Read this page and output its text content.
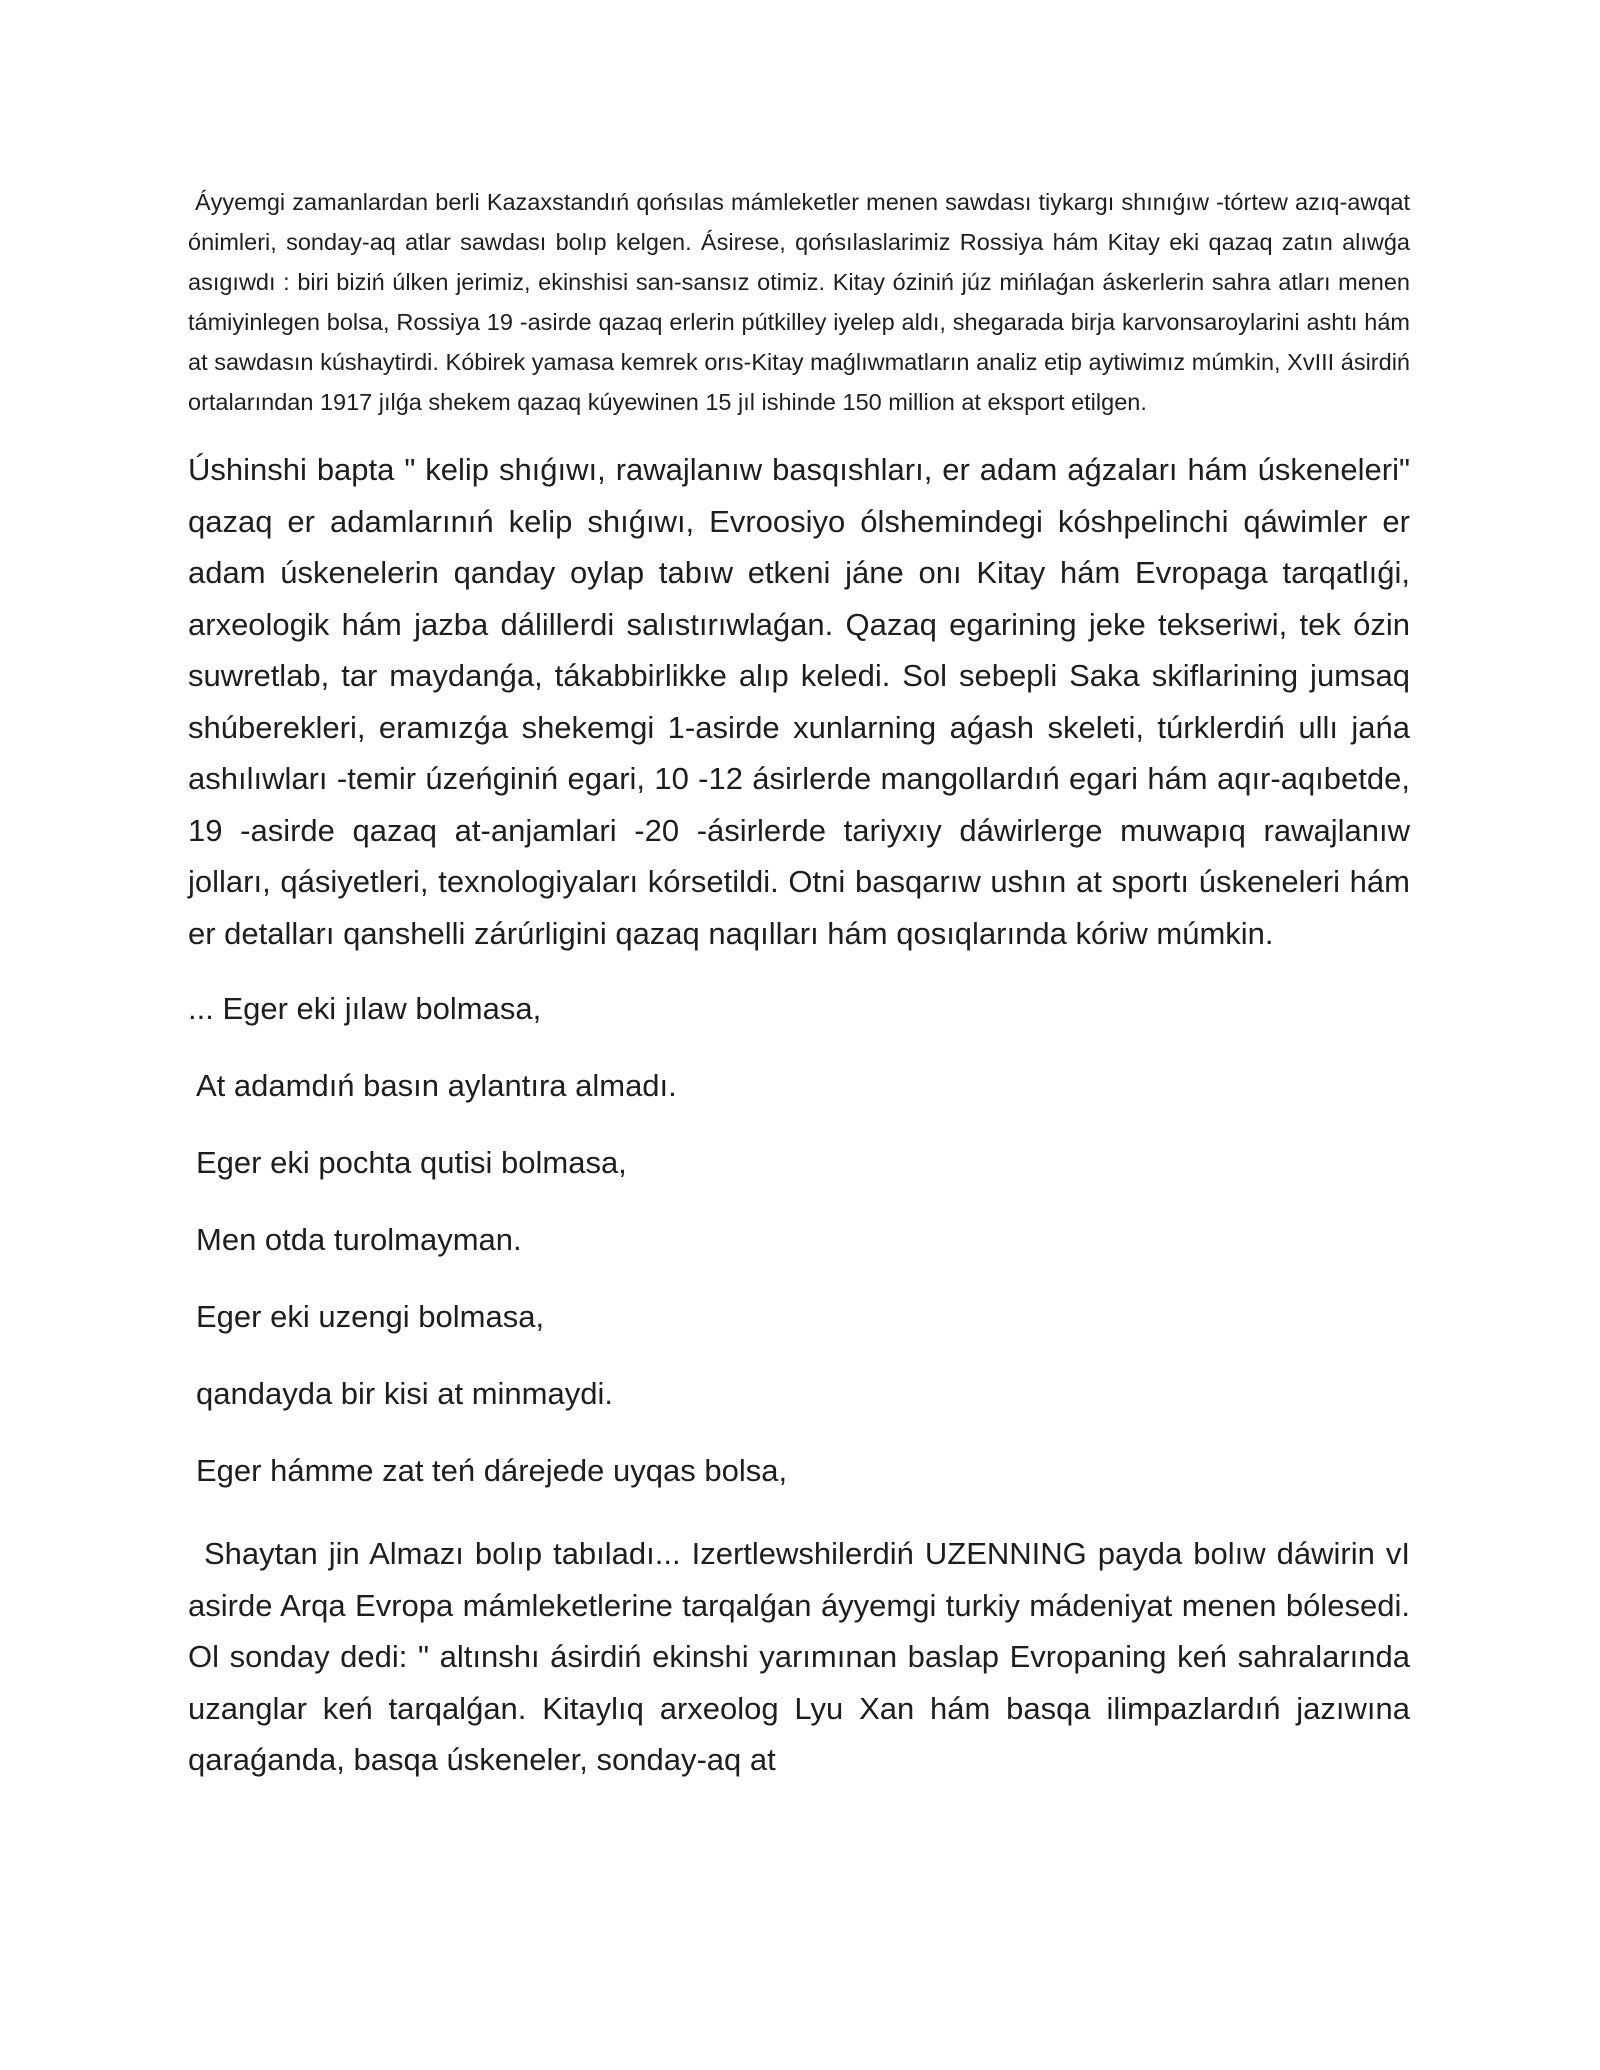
Áyyemgi zamanlardan berli Kazaxstandıń qońsılas mámleketler menen sawdası tiykargı shınıǵıw -tórtew azıq-awqat ónimleri, sonday-aq atlar sawdası bolıp kelgen. Ásirese, qońsılaslarimiz Rossiya hám Kitay eki qazaq zatın alıwǵa asıgıwdı : biri biziń úlken jerimiz, ekinshisi san-sansız otimiz. Kitay óziniń júz mińlaǵan áskerlerin sahra atları menen támiyinlegen bolsa, Rossiya 19 -asirde qazaq erlerin pútkilley iyelep aldı, shegarada birja karvonsaroylarini ashtı hám at sawdasın kúshaytirdi. Kóbirek yamasa kemrek orıs-Kitay maǵlıwmatların analiz etip aytiwimız múmkin, XvIII ásirdiń ortalarından 1917 jılǵa shekem qazaq kúyewinen 15 jıl ishinde 150 million at eksport etilgen.

Úshinshi bapta " kelip shıǵıwı, rawajlanıw basqıshları, er adam aǵzaları hám úskeneleri" qazaq er adamlarınıń kelip shıǵıwı, Evroosiyo ólshemindegi kóshpelinchi qáwimler er adam úskenelerin qanday oylap tabıw etkeni jáne onı Kitay hám Evropaga tarqatlıǵi, arxeologik hám jazba dálillerdi salıstırıwlaǵan. Qazaq egarining jeke tekseriwi, tek ózin suwretlab, tar maydanǵa, tákabbirlikke alıp keledi. Sol sebepli Saka skiflarining jumsaq shúberekleri, eramızǵa shekemgi 1-asirde xunlarning aǵash skeleti, túrklerdiń ullı jańa ashılıwları -temir úzeńginiń egari, 10 -12 ásirlerde mangollardıń egari hám aqır-aqıbetde, 19 -asirde qazaq at-anjamlari -20 -ásirlerde tariyxıy dáwirlerge muwapıq rawajlanıw jolları, qásiyetleri, texnologiyaları kórsetildi. Otni basqarıw ushın at sportı úskeneleri hám er detalları qanshelli zárúrligini qazaq naqılları hám qosıqlarında kóriw múmkin.

... Eger eki jılaw bolmasa,

At adamdıń basın aylantıra almadı.

Eger eki pochta qutisi bolmasa,

Men otda turolmayman.

Eger eki uzengi bolmasa,

qandayda bir kisi at minmaydi.

Eger hámme zat teń dárejede uyqas bolsa,

Shaytan jin Almazı bolıp tabıladı... Izertlewshilerdiń UZENNING payda bolıw dáwirin vI asirde Arqa Evropa mámleketlerine tarqalǵan áyyemgi turkiy mádeniyat menen bólesedi. Ol sonday dedi: " altınshı ásirdiń ekinshi yarımınan baslap Evropaning keń sahralarında uzanglar keń tarqalǵan. Kitaylıq arxeolog Lyu Xan hám basqa ilimpazlardıń jazıwına qaraǵanda, basqa úskeneler, sonday-aq at
